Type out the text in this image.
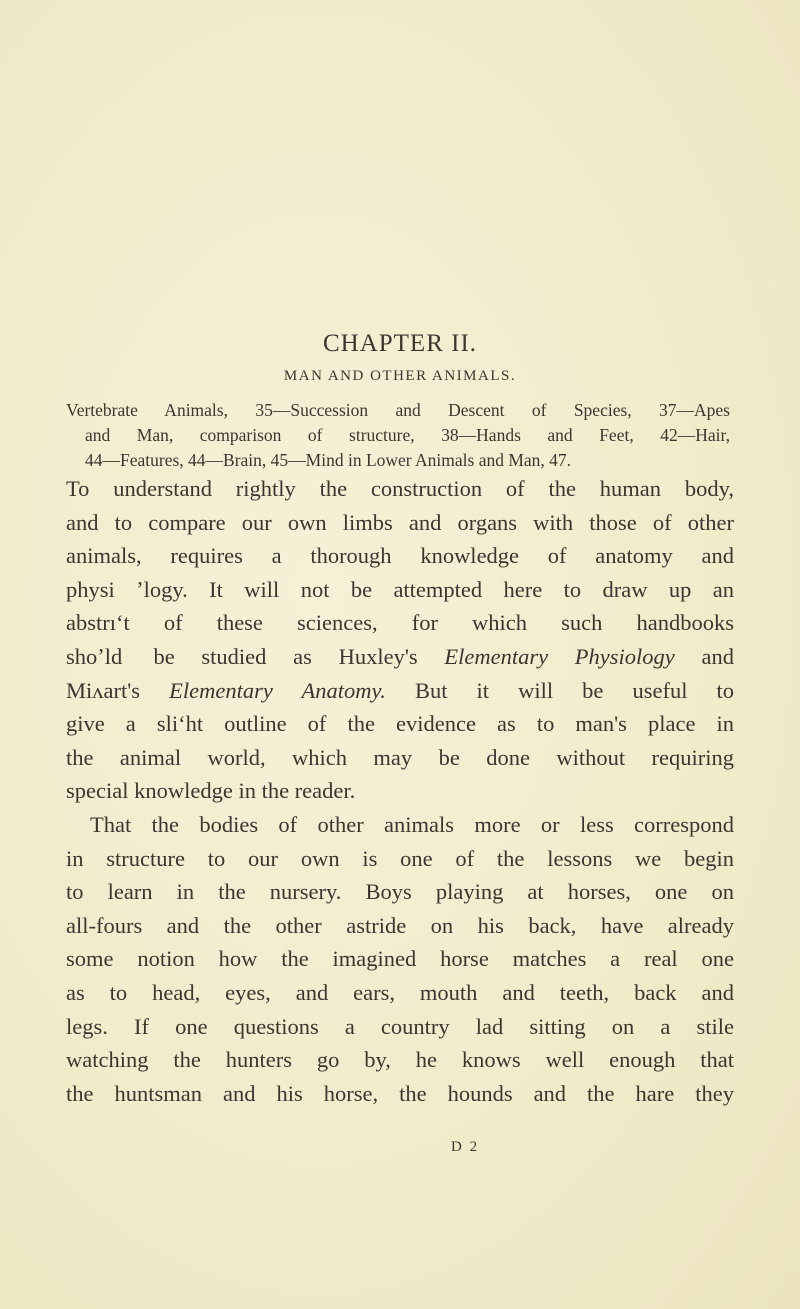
CHAPTER II.
MAN AND OTHER ANIMALS.
Vertebrate Animals, 35—Succession and Descent of Species, 37—Apes
and Man, comparison of structure, 38—Hands and Feet, 42—Hair,
44—Features, 44—Brain, 45—Mind in Lower Animals and Man, 47.
To understand rightly the construction of the human body,
and to compare our own limbs and organs with those of other
animals, requires a thorough knowledge of anatomy and
physi ʼlogy. It will not be attempted here to draw up an
abstrıʻt of these sciences, for which such handbooks
shoʼld  be studied as Huxley's Elementary Physiology and
Miʌart's Elementary Anatomy. But it will be useful to
give a sliʻht outline of the evidence as to man's place in
the animal world, which may be done without requiring
special knowledge in the reader.
That the bodies of other animals more or less correspond
in structure to our own is one of the lessons we begin
to learn in the nursery. Boys playing at horses, one on
all-fours and the other astride on his back, have already
some notion how the imagined horse matches a real one
as to head, eyes, and ears, mouth and teeth, back and
legs. If one questions a country lad sitting on a stile
watching the hunters go by, he knows well enough that
the huntsman and his horse, the hounds and the hare they
D 2
